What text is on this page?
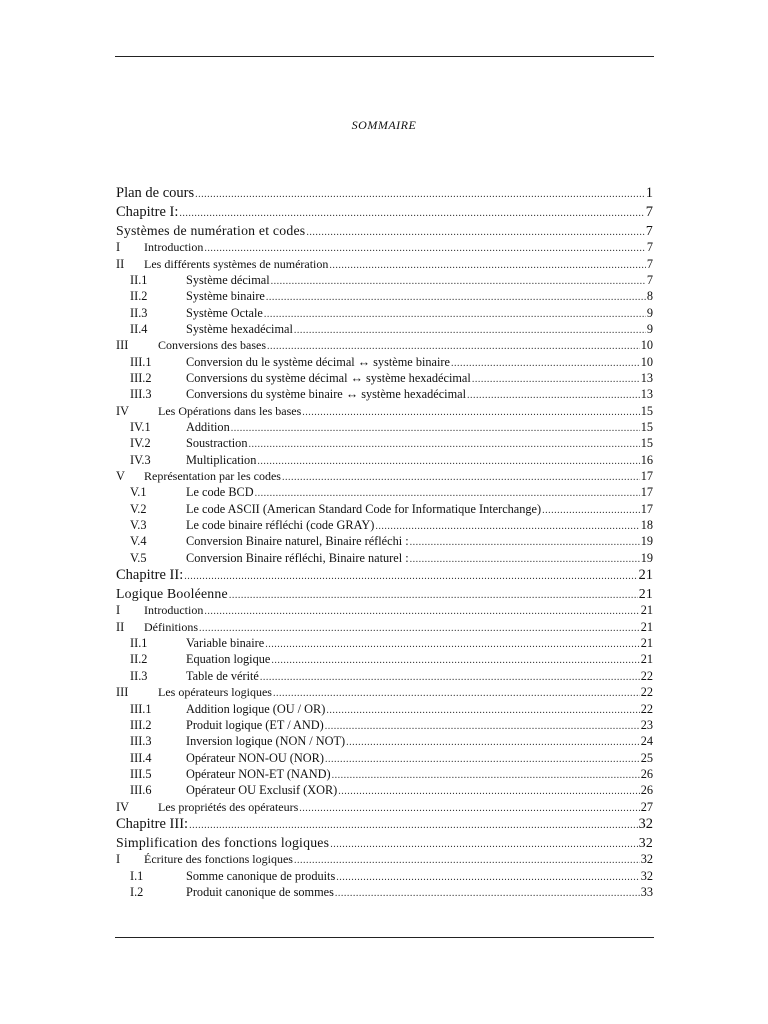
SOMMAIRE
Plan de cours .....	1
Chapitre I: .....	7
Systèmes de numération et codes .....	7
I	Introduction .....	7
II	Les différents systèmes de numération .....	7
II.1	Système décimal .....	7
II.2	Système binaire .....	8
II.3	Système Octale .....	9
II.4	Système hexadécimal .....	9
III	Conversions des bases .....	10
III.1	Conversion du le système décimal ↔ système binaire .....	10
III.2	Conversions du système décimal ↔ système hexadécimal .....	13
III.3	Conversions du système binaire ↔ système hexadécimal .....	13
IV	Les Opérations dans les bases .....	15
IV.1	Addition .....	15
IV.2	Soustraction .....	15
IV.3	Multiplication .....	16
V	Représentation par les codes .....	17
V.1	Le code BCD .....	17
V.2	Le code ASCII (American Standard Code for Informatique Interchange) .....	17
V.3	Le code binaire réfléchi (code GRAY) .....	18
V.4	Conversion Binaire naturel, Binaire réfléchi : .....	19
V.5	Conversion Binaire réfléchi, Binaire naturel : .....	19
Chapitre II: .....	21
Logique Booléenne .....	21
I	Introduction .....	21
II	Définitions .....	21
II.1	Variable binaire .....	21
II.2	Equation logique .....	21
II.3	Table de vérité .....	22
III	Les opérateurs logiques .....	22
III.1	Addition logique (OU / OR) .....	22
III.2	Produit logique (ET / AND) .....	23
III.3	Inversion logique (NON / NOT) .....	24
III.4	Opérateur NON-OU (NOR) .....	25
III.5	Opérateur NON-ET (NAND) .....	26
III.6	Opérateur OU Exclusif (XOR) .....	26
IV	Les propriétés des opérateurs .....	27
Chapitre III: .....	32
Simplification des fonctions logiques .....	32
I	Écriture des fonctions logiques .....	32
I.1	Somme canonique de produits .....	32
I.2	Produit canonique de sommes .....	33
